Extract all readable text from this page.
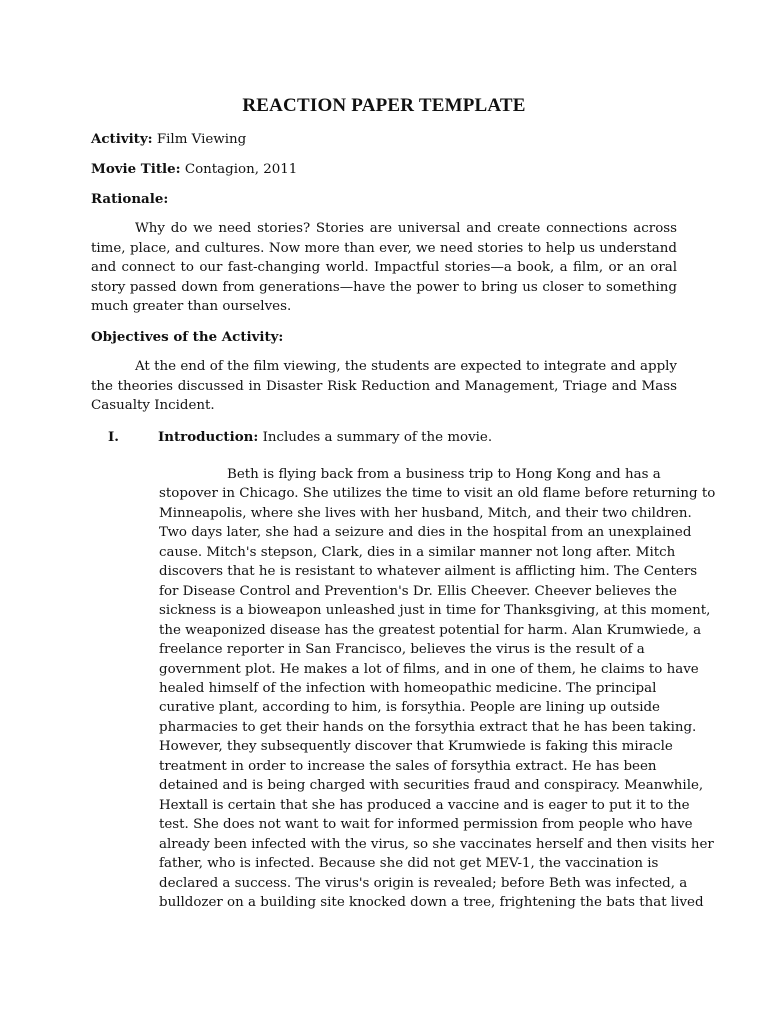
REACTION PAPER TEMPLATE
Activity: Film Viewing
Movie Title: Contagion, 2011
Rationale:
Why do we need stories? Stories are universal and create connections across time, place, and cultures. Now more than ever, we need stories to help us understand and connect to our fast-changing world. Impactful stories—a book, a film, or an oral story passed down from generations—have the power to bring us closer to something much greater than ourselves.
Objectives of the Activity:
At the end of the film viewing, the students are expected to integrate and apply the theories discussed in Disaster Risk Reduction and Management, Triage and Mass Casualty Incident.
I.	Introduction: Includes a summary of the movie.
Beth is flying back from a business trip to Hong Kong and has a
stopover in Chicago. She utilizes the time to visit an old flame before returning to
Minneapolis, where she lives with her husband, Mitch, and their two children.
Two days later, she had a seizure and dies in the hospital from an unexplained
cause. Mitch's stepson, Clark, dies in a similar manner not long after. Mitch
discovers that he is resistant to whatever ailment is afflicting him. The Centers
for Disease Control and Prevention's Dr. Ellis Cheever. Cheever believes the
sickness is a bioweapon unleashed just in time for Thanksgiving, at this moment,
the weaponized disease has the greatest potential for harm. Alan Krumwiede, a
freelance reporter in San Francisco, believes the virus is the result of a
government plot. He makes a lot of films, and in one of them, he claims to have
healed himself of the infection with homeopathic medicine. The principal
curative plant, according to him, is forsythia. People are lining up outside
pharmacies to get their hands on the forsythia extract that he has been taking.
However, they subsequently discover that Krumwiede is faking this miracle
treatment in order to increase the sales of forsythia extract. He has been
detained and is being charged with securities fraud and conspiracy. Meanwhile,
Hextall is certain that she has produced a vaccine and is eager to put it to the
test. She does not want to wait for informed permission from people who have
already been infected with the virus, so she vaccinates herself and then visits her
father, who is infected. Because she did not get MEV-1, the vaccination is
declared a success. The virus's origin is revealed; before Beth was infected, a
bulldozer on a building site knocked down a tree, frightening the bats that lived
